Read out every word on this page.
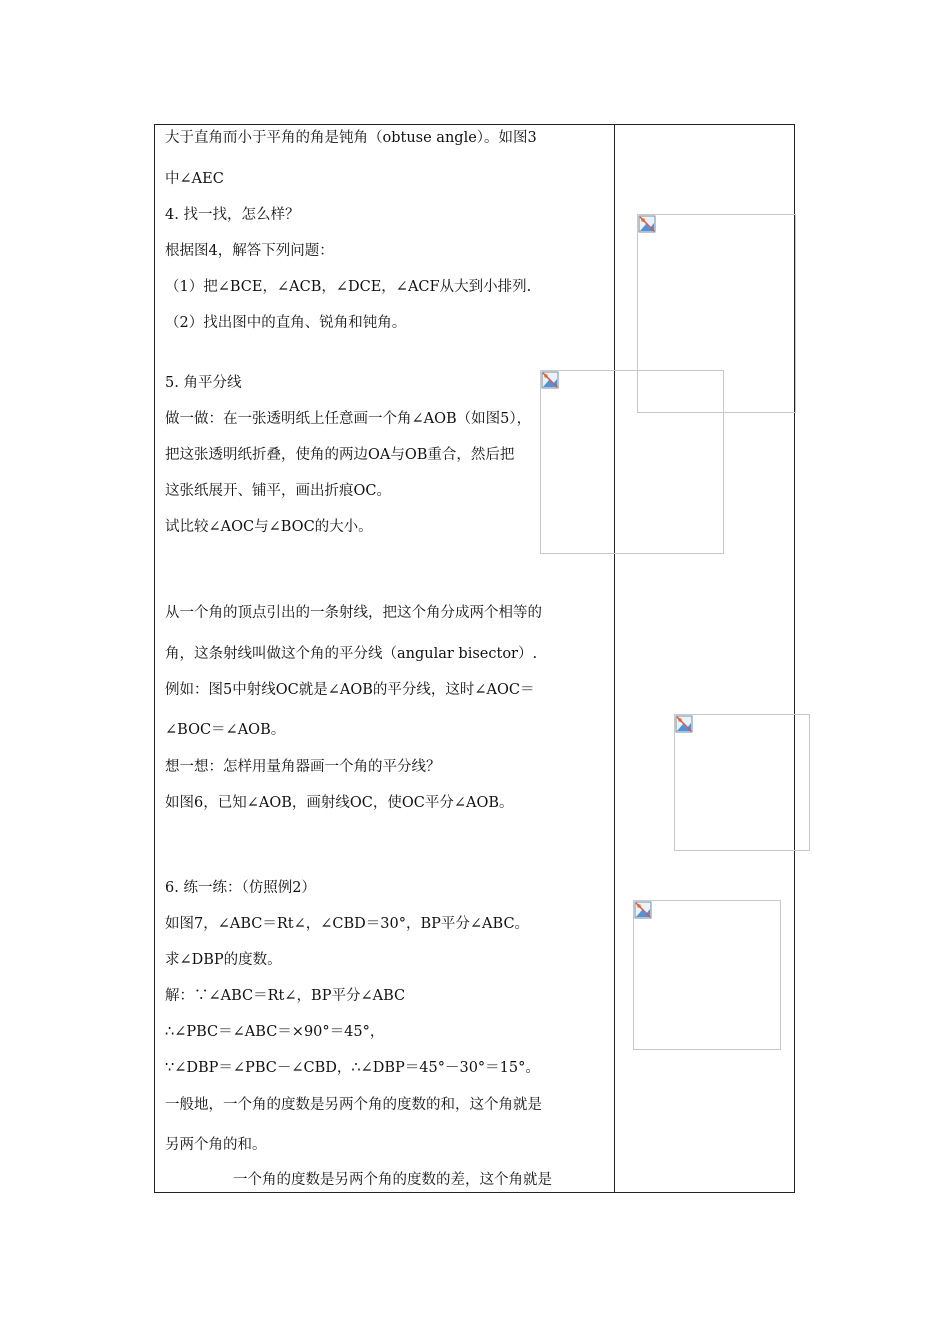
大于直角而小于平角的角是钝角（obtuse angle）。如图3
中∠AEC
4. 找一找，怎么样？
根据图4，解答下列问题：
（1）把∠BCE，∠ACB，∠DCE，∠ACF从大到小排列.
（2）找出图中的直角、锐角和钝角。
5. 角平分线
做一做：在一张透明纸上任意画一个角∠AOB（如图5），
把这张透明纸折叠，使角的两边OA与OB重合，然后把
这张纸展开、铺平，画出折痕OC。
试比较∠AOC与∠BOC的大小。
从一个角的顶点引出的一条射线，把这个角分成两个相等的
角，这条射线叫做这个角的平分线（angular bisector）.
例如：图5中射线OC就是∠AOB的平分线，这时∠AOC＝
∠BOC＝∠AOB。
想一想：怎样用量角器画一个角的平分线？
如图6，已知∠AOB，画射线OC，使OC平分∠AOB。
6. 练一练：（仿照例2）
如图7，∠ABC＝Rt∠，∠CBD＝30°，BP平分∠ABC。
求∠DBP的度数。
解：∵∠ABC＝Rt∠，BP平分∠ABC
∴∠PBC＝∠ABC＝×90°＝45°，
∵∠DBP＝∠PBC－∠CBD，∴∠DBP＝45°－30°＝15°。
一般地，一个角的度数是另两个角的度数的和，这个角就是
另两个角的和。
一个角的度数是另两个角的度数的差，这个角就是
